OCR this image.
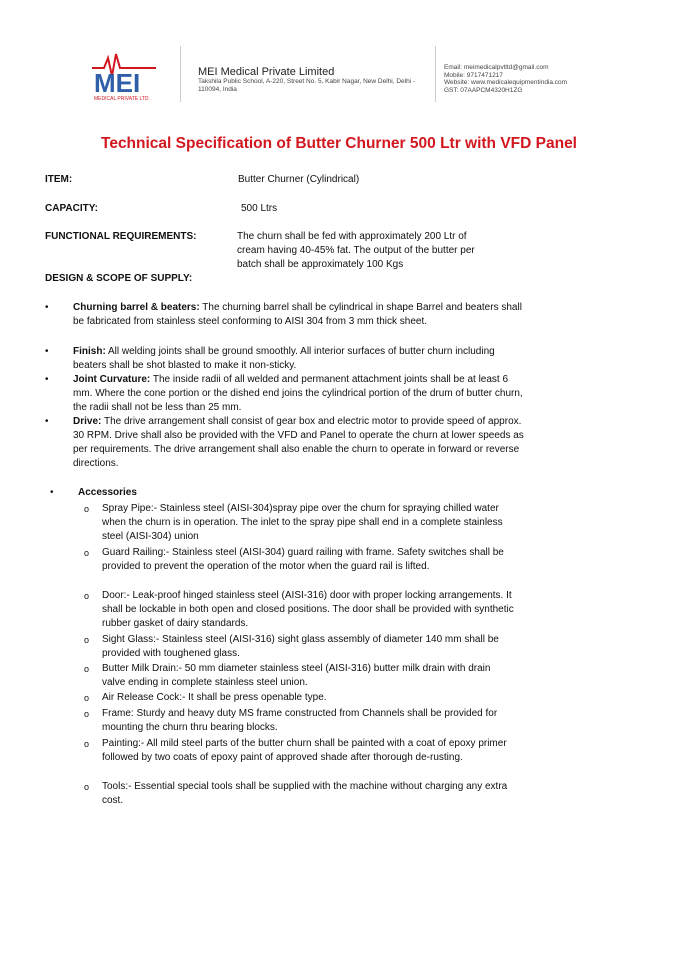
MEI
MEDICAL PRIVATE LTD.
MEI Medical Private Limited
Takshila Public School, A-220, Street No. 5, Kabir Nagar, New Delhi, Delhi - 110094, India
Email: meimedicalpvtltd@gmail.com
Mobile: 9717471217
Website: www.medicalequipmentindia.com
GST: 07AAPCM4320H1ZG
Technical Specification of Butter Churner 500 Ltr with VFD Panel
ITEM:	Butter Churner (Cylindrical)
CAPACITY:	500 Ltrs
FUNCTIONAL REQUIREMENTS:	The churn shall be fed with approximately 200 Ltr of cream having 40-45% fat. The output of the butter per batch shall be approximately 100 Kgs
DESIGN & SCOPE OF SUPPLY:
• Churning barrel & beaters: The churning barrel shall be cylindrical in shape Barrel and beaters shall be fabricated from stainless steel conforming to AISI 304 from 3 mm thick sheet.
• Finish: All welding joints shall be ground smoothly. All interior surfaces of butter churn including beaters shall be shot blasted to make it non-sticky.
• Joint Curvature: The inside radii of all welded and permanent attachment joints shall be at least 6 mm. Where the cone portion or the dished end joins the cylindrical portion of the drum of butter churn, the radii shall not be less than 25 mm.
• Drive: The drive arrangement shall consist of gear box and electric motor to provide speed of approx. 30 RPM. Drive shall also be provided with the VFD and Panel to operate the churn at lower speeds as per requirements. The drive arrangement shall also enable the churn to operate in forward or reverse directions.
• Accessories
o Spray Pipe:- Stainless steel (AISI-304)spray pipe over the churn for spraying chilled water when the churn is in operation. The inlet to the spray pipe shall end in a complete stainless steel (AISI-304) union
o Guard Railing:- Stainless steel (AISI-304) guard railing with frame. Safety switches shall be provided to prevent the operation of the motor when the guard rail is lifted.
o Door:- Leak-proof hinged stainless steel (AISI-316) door with proper locking arrangements. It shall be lockable in both open and closed positions. The door shall be provided with synthetic rubber gasket of dairy standards.
o Sight Glass:- Stainless steel (AISI-316) sight glass assembly of diameter 140 mm shall be provided with toughened glass.
o Butter Milk Drain:- 50 mm diameter stainless steel (AISI-316) butter milk drain with drain valve ending in complete stainless steel union.
o Air Release Cock:- It shall be press openable type.
o Frame: Sturdy and heavy duty MS frame constructed from Channels shall be provided for mounting the churn thru bearing blocks.
o Painting:- All mild steel parts of the butter churn shall be painted with a coat of epoxy primer followed by two coats of epoxy paint of approved shade after thorough de-rusting.
o Tools:- Essential special tools shall be supplied with the machine without charging any extra cost.
